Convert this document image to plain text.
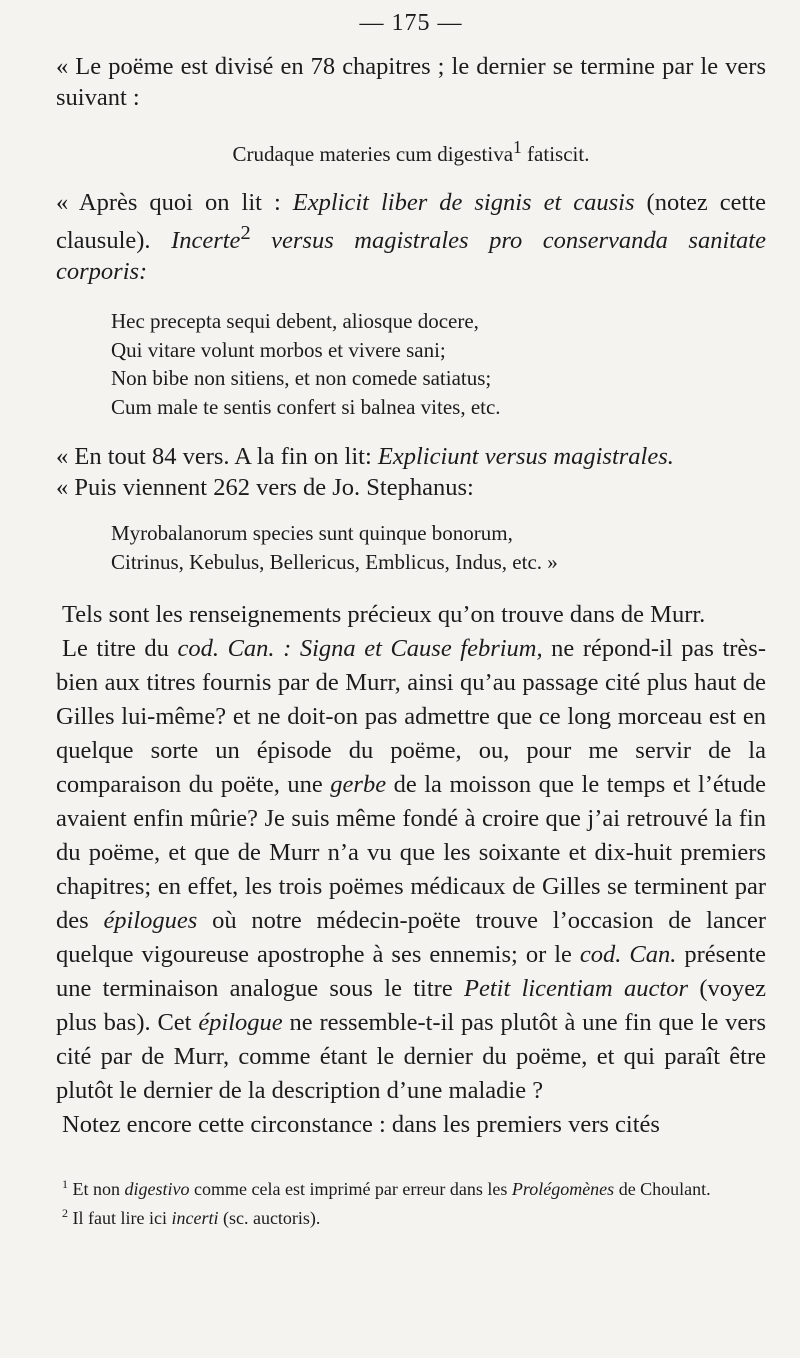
— 175 —

« Le poëme est divisé en 78 chapitres ; le dernier se termine par le vers suivant :

Crudaque materies cum digestiva$^1$ fatiscit.

« Après quoi on lit : Explicit liber de signis et causis (notez cette clausule). Incerte$^2$ versus magistrales pro conservanda sanitate corporis:

Hec precepta sequi debent, aliosque docere,
Qui vitare volunt morbos et vivere sani;
Non bibe non sitiens, et non comede satiatus;
Cum male te sentis confert si balnea vites, etc.

« En tout 84 vers. A la fin on lit: Expliciunt versus magistrales.

« Puis viennent 262 vers de Jo. Stephanus:

Myrobalanorum species sunt quinque bonorum,
Citrinus, Kebulus, Bellericus, Emblicus, Indus, etc. »

Tels sont les renseignements précieux qu’on trouve dans de Murr.

Le titre du cod. Can. : Signa et Cause febrium, ne répond-il pas très-bien aux titres fournis par de Murr, ainsi qu’au passage cité plus haut de Gilles lui-même? et ne doit-on pas admettre que ce long morceau est en quelque sorte un épisode du poëme, ou, pour me servir de la comparaison du poëte, une gerbe de la moisson que le temps et l’étude avaient enfin mûrie? Je suis même fondé à croire que j’ai retrouvé la fin du poëme, et que de Murr n’a vu que les soixante et dix-huit premiers chapitres; en effet, les trois poëmes médicaux de Gilles se terminent par des épilogues où notre médecin-poëte trouve l’occasion de lancer quelque vigoureuse apostrophe à ses ennemis; or le cod. Can. présente une terminaison analogue sous le titre Petit licentiam auctor (voyez plus bas). Cet épilogue ne ressemble-t-il pas plutôt à une fin que le vers cité par de Murr, comme étant le dernier du poëme, et qui paraît être plutôt le dernier de la description d’une maladie ?

Notez encore cette circonstance : dans les premiers vers cités

$^1$ Et non digestivo comme cela est imprimé par erreur dans les Prolégomènes de Choulant.

$^2$ Il faut lire ici incerti (sc. auctoris).
